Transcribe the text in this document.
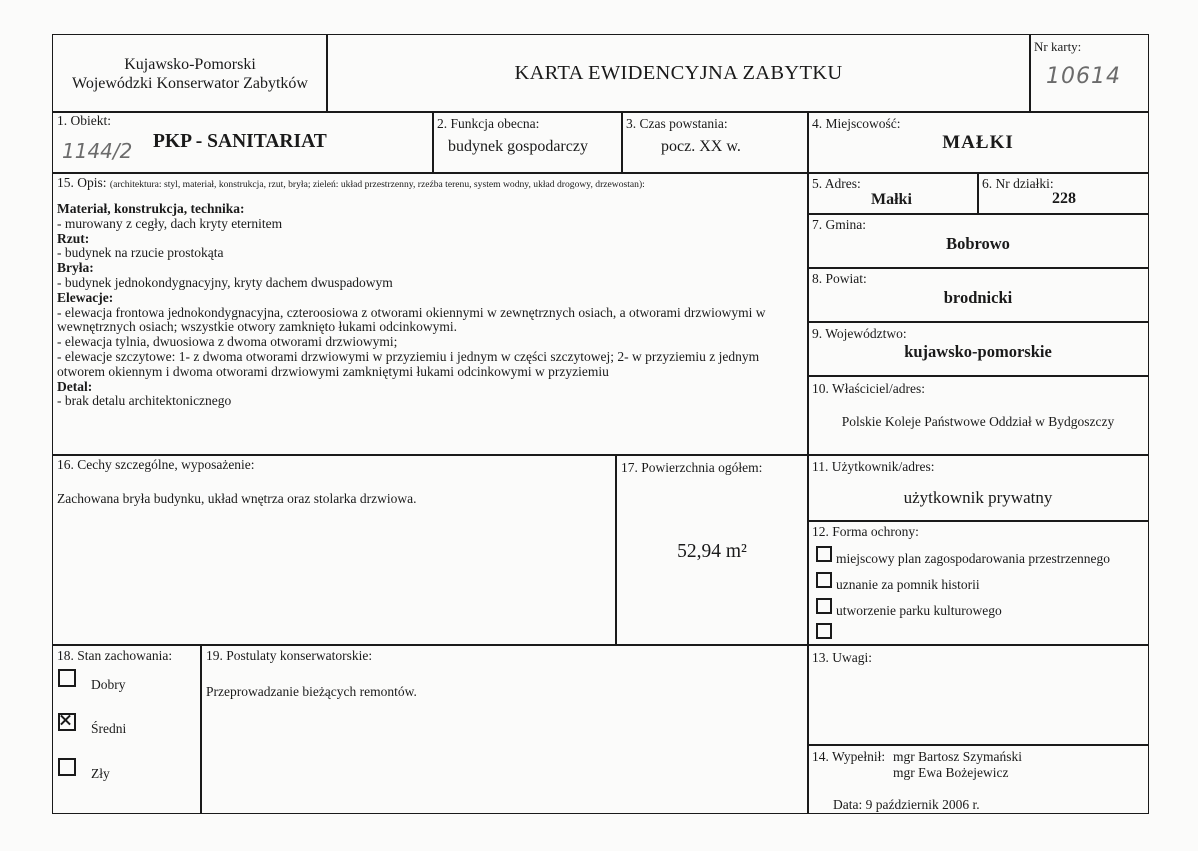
Kujawsko-Pomorski
Wojewódzki Konserwator Zabytków	KARTA EWIDENCYJNA ZABYTKU
Nr karty:
10614
1. Obiekt:
1144/2 PKP - SANITARIAT
2. Funkcja obecna:
budynek gospodarczy
3. Czas powstania:
pocz. XX w.
4. Miejscowość:
MAŁKI
15. Opis: (architektura: styl, materiał, konstrukcja, rzut, bryła; zieleń: układ przestrzenny, rzeźba terenu, system wodny, układ drogowy, drzewostan):
Materiał, konstrukcja, technika:
- murowany z cegły, dach kryty eternitem
Rzut:
- budynek na rzucie prostokąta
Bryła:
- budynek jednokondygnacyjny, kryty dachem dwuspadowym
Elewacje:
- elewacja frontowa jednokondygnacyjna, czteroosiowa z otworami okiennymi w zewnętrznych osiach, a otworami drzwiowymi w wewnętrznych osiach; wszystkie otwory zamknięto łukami odcinkowymi.
- elewacja tylnia, dwuosiowa z dwoma otworami drzwiowymi;
- elewacje szczytowe: 1- z dwoma otworami drzwiowymi w przyziemiu i jednym w części szczytowej; 2- w przyziemiu z jednym otworem okiennym i dwoma otworami drzwiowymi zamkniętymi łukami odcinkowymi w przyziemiu
Detal:
- brak detalu architektonicznego
5. Adres:
Małki
6. Nr działki:
228
7. Gmina:
Bobrowo
8. Powiat:
brodnicki
9. Województwo:
kujawsko-pomorskie
10. Właściciel/adres:
Polskie Koleje Państwowe Oddział w Bydgoszczy
16. Cechy szczególne, wyposażenie:
Zachowana bryła budynku, układ wnętrza oraz stolarka drzwiowa.
17. Powierzchnia ogółem:
52,94 m²
11. Użytkownik/adres:
użytkownik prywatny
12. Forma ochrony:
miejscowy plan zagospodarowania przestrzennego
uznanie za pomnik historii
utworzenie parku kulturowego
18. Stan zachowania:
Dobry
Średni
Zły
19. Postulaty konserwatorskie:
Przeprowadzanie bieżących remontów.
13. Uwagi:
14. Wypełnił: mgr Bartosz Szymański
mgr Ewa Bożejewicz
Data: 9 październik 2006 r.
